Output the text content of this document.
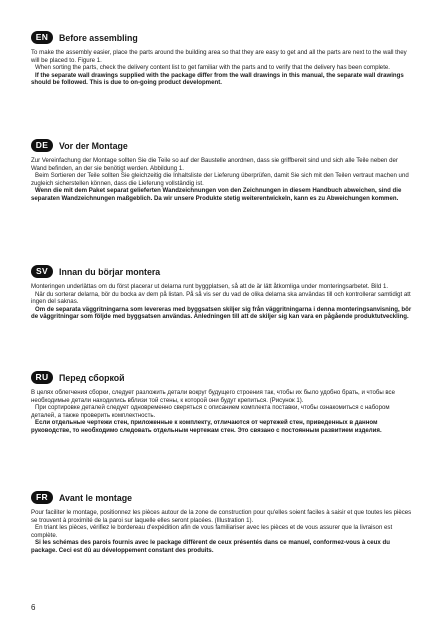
EN	Before assembling

To make the assembly easier, place the parts around the building area so that they are easy to get and all the parts are next to the wall they will be placed to. Figure 1.

When sorting the parts, check the delivery content list to get familiar with the parts and to verify that the delivery has been complete.

If the separate wall drawings supplied with the package differ from the wall drawings in this manual, the separate wall drawings should be followed. This is due to on-going product development.

DE	Vor der Montage

Zur Vereinfachung der Montage sollten Sie die Teile so auf der Baustelle anordnen, dass sie griffbereit sind und sich alle Teile neben der Wand befinden, an der sie benötigt werden. Abbildung 1.

Beim Sortieren der Teile sollten Sie gleichzeitig die Inhaltsliste der Lieferung überprüfen, damit Sie sich mit den Teilen vertraut machen und zugleich sicherstellen können, dass die Lieferung vollständig ist.

Wenn die mit dem Paket separat gelieferten Wandzeichnungen von den Zeichnungen in diesem Handbuch abweichen, sind die separaten Wandzeichnungen maßgeblich. Da wir unsere Produkte stetig weiterentwickeln, kann es zu Abweichungen kommen.

SV	Innan du börjar montera

Monteringen underlättas om du först placerar ut delarna runt byggplatsen, så att de är lätt åtkomliga under monteringsarbetet. Bild 1.

När du sorterar delarna, bör du bocka av dem på listan. På så vis ser du vad de olika delarna ska användas till och kontrollerar samtidigt att ingen del saknas.

Om de separata väggritningarna som levereras med byggsatsen skiljer sig från väggritningarna i denna monteringsanvisning, bör de väggritningar som följde med byggsatsen användas. Anledningen till att de skiljer sig kan vara en pågående produktutveckling.

RU	Перед сборкой

В целях облегчения сборки, следует разложить детали вокруг будущего строения так, чтобы их было удобно брать, и чтобы все необходимые детали находились вблизи той стены, к которой они будут крепиться. (Рисунок 1).

При сортировке деталей следует одновременно сверяться с описанием комплекта поставки, чтобы ознакомиться с набором деталей, а также проверить комплектность.

Если отдельные чертежи стен, приложенные к комплекту, отличаются от чертежей стен, приведенных в данном руководстве, то необходимо следовать отдельным чертежам стен. Это связано с постоянным развитием изделия.

FR	Avant le montage

Pour faciliter le montage, positionnez les pièces autour de la zone de construction pour qu'elles soient faciles à saisir et que toutes les pièces se trouvent à proximité de la paroi sur laquelle elles seront placées. (Illustration 1).

En triant les pièces, vérifiez le bordereau d'expédition afin de vous familiariser avec les pièces et de vous assurer que la livraison est complète.

Si les schémas des parois fournis avec le package diffèrent de ceux présentés dans ce manuel, conformez-vous à ceux du package. Ceci est dû au développement constant des produits.

6
